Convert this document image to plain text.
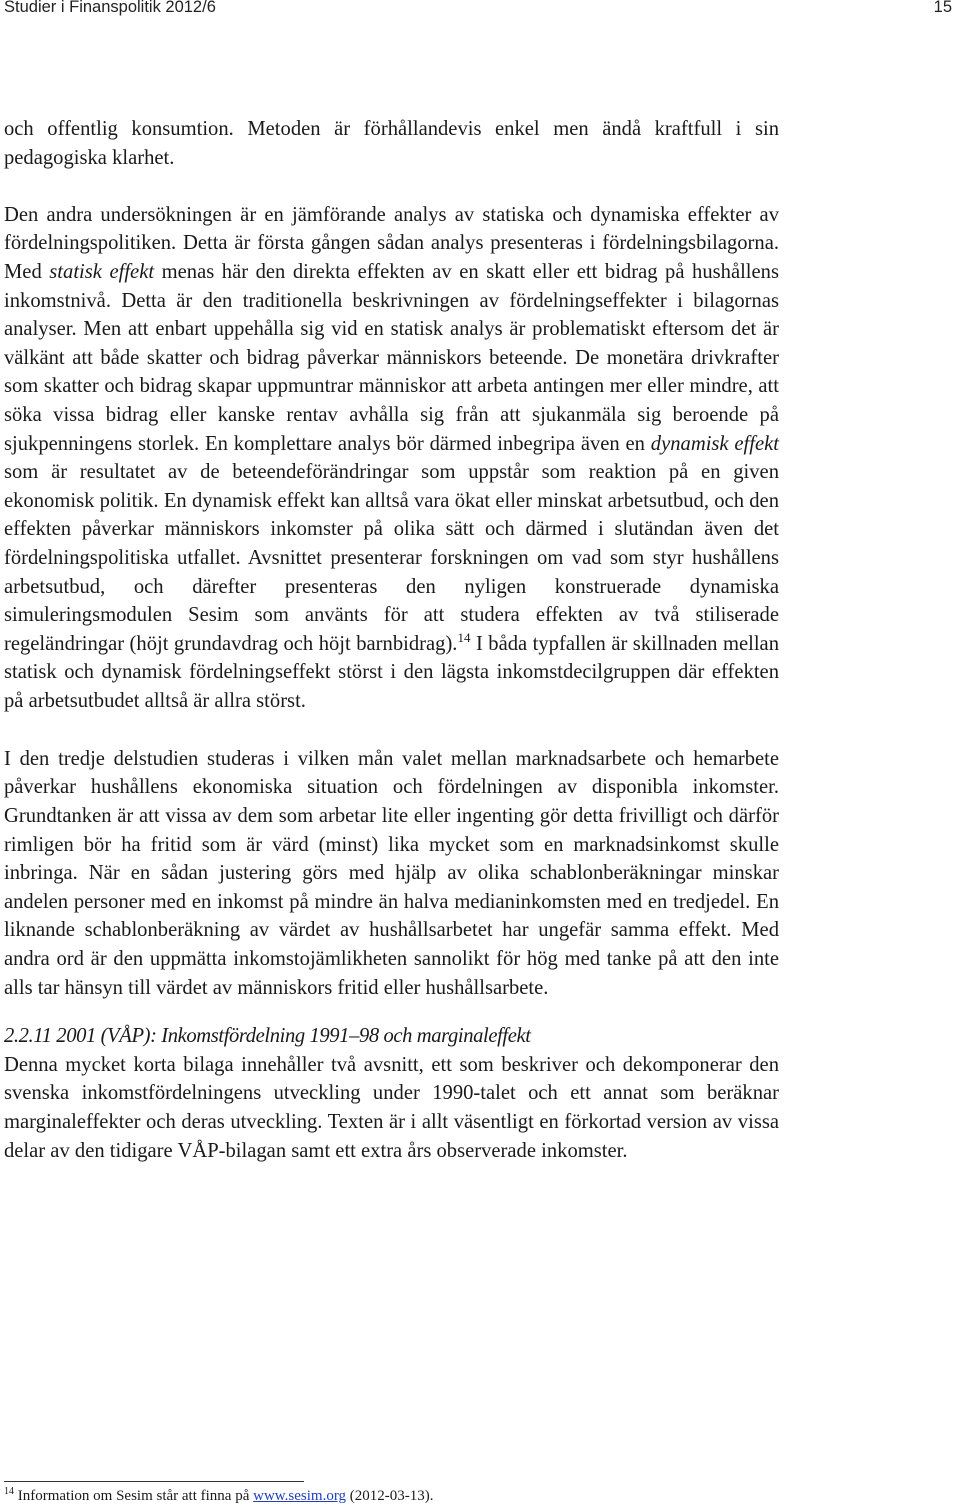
Studier i Finanspolitik 2012/6	15

och offentlig konsumtion. Metoden är förhållandevis enkel men ändå kraftfull i sin pedagogiska klarhet.

Den andra undersökningen är en jämförande analys av statiska och dynamiska effekter av fördelningspolitiken. Detta är första gången sådan analys presenteras i fördelningsbilagorna. Med statisk effekt menas här den direkta effekten av en skatt eller ett bidrag på hushållens inkomstnivå. Detta är den traditionella beskrivningen av fördelningseffekter i bilagornas analyser. Men att enbart uppehålla sig vid en statisk analys är problematiskt eftersom det är välkänt att både skatter och bidrag påverkar människors beteende. De monetära drivkrafter som skatter och bidrag skapar uppmuntrar människor att arbeta antingen mer eller mindre, att söka vissa bidrag eller kanske rentav avhålla sig från att sjukanmäla sig beroende på sjukpenningens storlek. En komplettare analys bör därmed inbegripa även en dynamisk effekt som är resultatet av de beteendeförändringar som uppstår som reaktion på en given ekonomisk politik. En dynamisk effekt kan alltså vara ökat eller minskat arbetsutbud, och den effekten påverkar människors inkomster på olika sätt och därmed i slutändan även det fördelningspolitiska utfallet. Avsnittet presenterar forskningen om vad som styr hushållens arbetsutbud, och därefter presenteras den nyligen konstruerade dynamiska simuleringsmodulen Sesim som använts för att studera effekten av två stiliserade regeländringar (höjt grundavdrag och höjt barnbidrag).$^{14}$ I båda typfallen är skillnaden mellan statisk och dynamisk fördelningseffekt störst i den lägsta inkomstdecilgruppen där effekten på arbetsutbudet alltså är allra störst.

I den tredje delstudien studeras i vilken mån valet mellan marknadsarbete och hemarbete påverkar hushållens ekonomiska situation och fördelningen av disponibla inkomster. Grundtanken är att vissa av dem som arbetar lite eller ingenting gör detta frivilligt och därför rimligen bör ha fritid som är värd (minst) lika mycket som en marknadsinkomst skulle inbringa. När en sådan justering görs med hjälp av olika schablonberäkningar minskar andelen personer med en inkomst på mindre än halva medianinkomsten med en tredjedel. En liknande schablonberäkning av värdet av hushållsarbetet har ungefär samma effekt. Med andra ord är den uppmätta inkomstojämlikheten sannolikt för hög med tanke på att den inte alls tar hänsyn till värdet av människors fritid eller hushållsarbete.

2.2.11 2001 (VÅP): Inkomstfördelning 1991–98 och marginaleffekt

Denna mycket korta bilaga innehåller två avsnitt, ett som beskriver och dekomponerar den svenska inkomstfördelningens utveckling under 1990-talet och ett annat som beräknar marginaleffekter och deras utveckling. Texten är i allt väsentligt en förkortad version av vissa delar av den tidigare VÅP-bilagan samt ett extra års observerade inkomster.

$^{14}$ Information om Sesim står att finna på www.sesim.org (2012-03-13).
